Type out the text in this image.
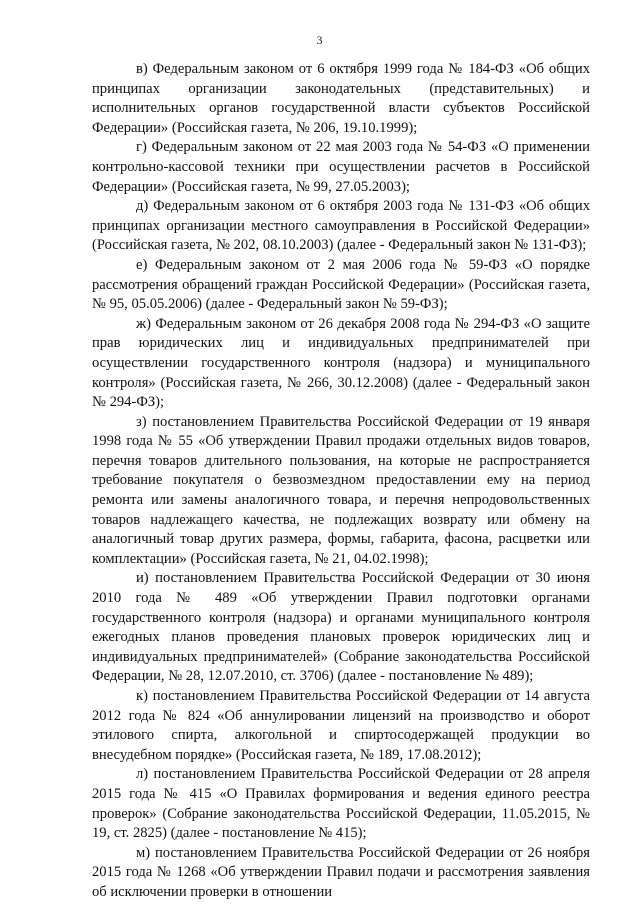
3

в) Федеральным законом от 6 октября 1999 года № 184-ФЗ «Об общих принципах организации законодательных (представительных) и исполнительных органов государственной власти субъектов Российской Федерации» (Российская газета, № 206, 19.10.1999);

г) Федеральным законом от 22 мая 2003 года № 54-ФЗ «О применении контрольно-кассовой техники при осуществлении расчетов в Российской Федерации» (Российская газета, № 99, 27.05.2003);

д) Федеральным законом от 6 октября 2003 года № 131-ФЗ «Об общих принципах организации местного самоуправления в Российской Федерации» (Российская газета, № 202, 08.10.2003) (далее - Федеральный закон № 131-ФЗ);

е) Федеральным законом от 2 мая 2006 года № 59-ФЗ «О порядке рассмотрения обращений граждан Российской Федерации» (Российская газета, № 95, 05.05.2006) (далее - Федеральный закон № 59-ФЗ);

ж) Федеральным законом от 26 декабря 2008 года № 294-ФЗ «О защите прав юридических лиц и индивидуальных предпринимателей при осуществлении государственного контроля (надзора) и муниципального контроля» (Российская газета, № 266, 30.12.2008) (далее - Федеральный закон № 294-ФЗ);

з) постановлением Правительства Российской Федерации от 19 января 1998 года № 55 «Об утверждении Правил продажи отдельных видов товаров, перечня товаров длительного пользования, на которые не распространяется требование покупателя о безвозмездном предоставлении ему на период ремонта или замены аналогичного товара, и перечня непродовольственных товаров надлежащего качества, не подлежащих возврату или обмену на аналогичный товар других размера, формы, габарита, фасона, расцветки или комплектации» (Российская газета, № 21, 04.02.1998);

и) постановлением Правительства Российской Федерации от 30 июня 2010 года № 489 «Об утверждении Правил подготовки органами государственного контроля (надзора) и органами муниципального контроля ежегодных планов проведения плановых проверок юридических лиц и индивидуальных предпринимателей» (Собрание законодательства Российской Федерации, № 28, 12.07.2010, ст. 3706) (далее - постановление № 489);

к) постановлением Правительства Российской Федерации от 14 августа 2012 года № 824 «Об аннулировании лицензий на производство и оборот этилового спирта, алкогольной и спиртосодержащей продукции во внесудебном порядке» (Российская газета, № 189, 17.08.2012);

л) постановлением Правительства Российской Федерации от 28 апреля 2015 года № 415 «О Правилах формирования и ведения единого реестра проверок» (Собрание законодательства Российской Федерации, 11.05.2015, № 19, ст. 2825) (далее - постановление № 415);

м) постановлением Правительства Российской Федерации от 26 ноября 2015 года № 1268 «Об утверждении Правил подачи и рассмотрения заявления об исключении проверки в отношении
